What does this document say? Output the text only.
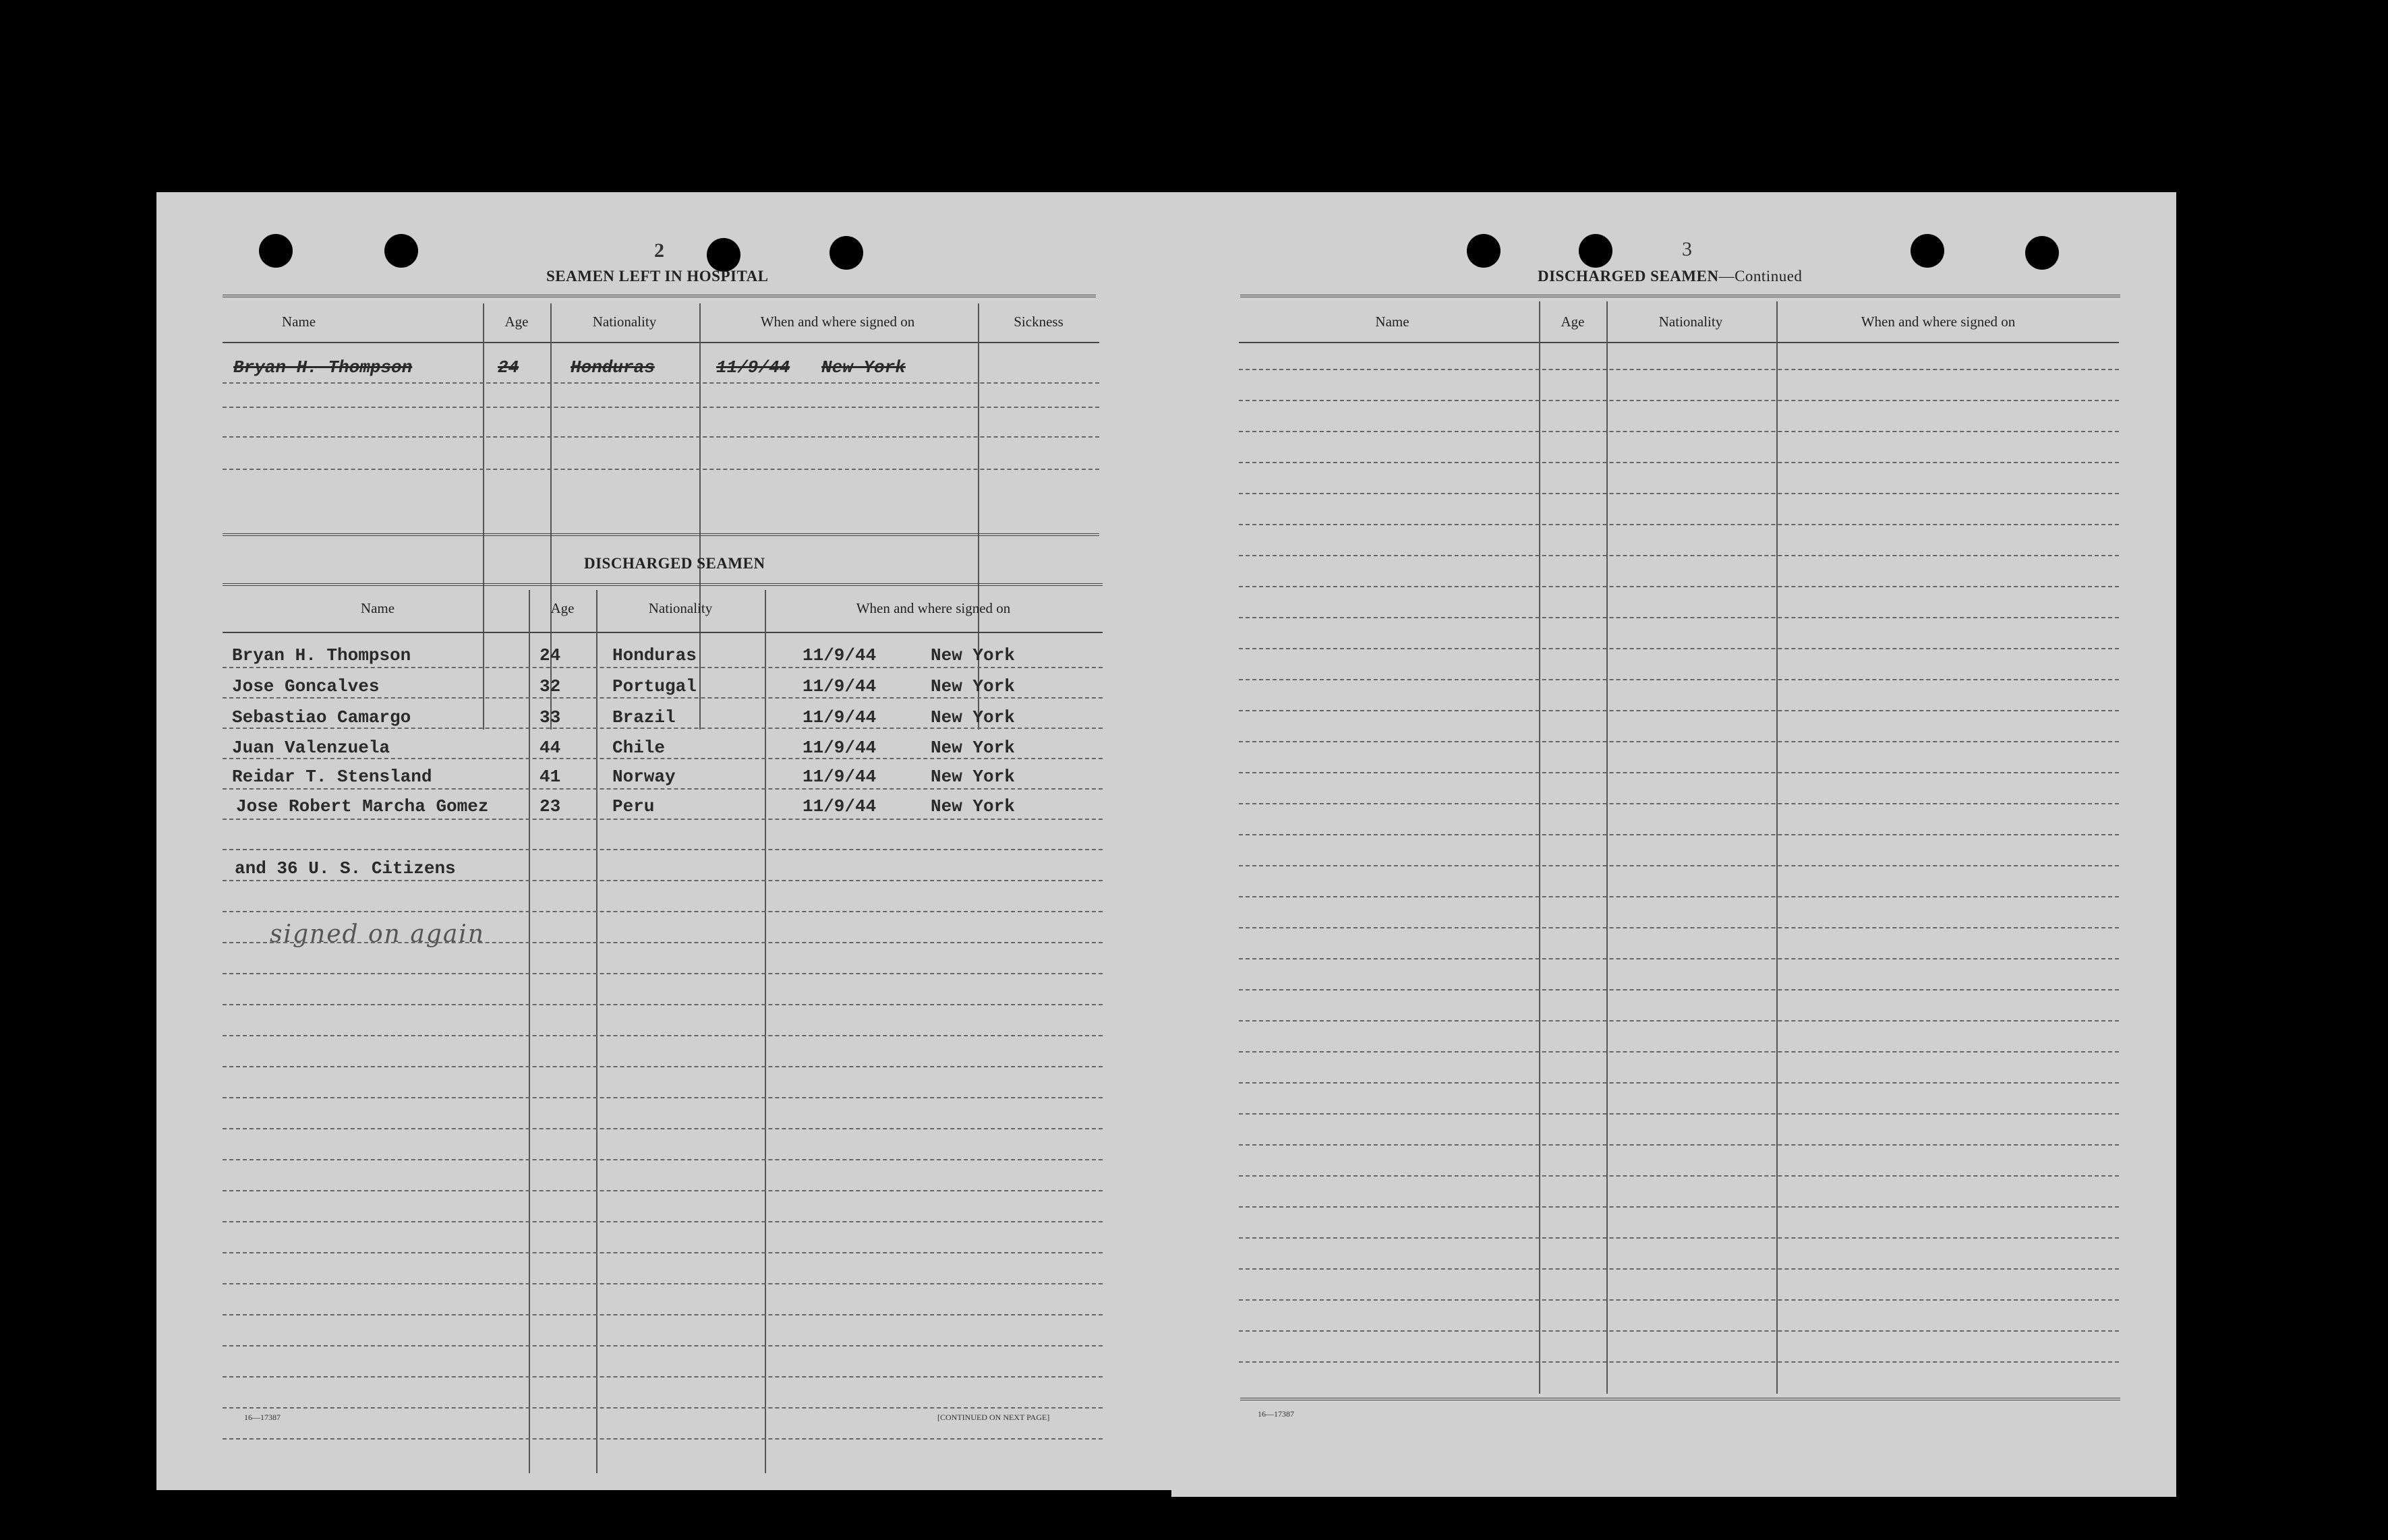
2
SEAMEN LEFT IN HOSPITAL
Name	Age	Nationality	When and where signed on	Sickness
Bryan H. Thompson	24	Honduras	11/9/44 New York
DISCHARGED SEAMEN
Name	Age	Nationality	When and where signed on
Bryan H. Thompson	24	Honduras	11/9/44	New York
Jose Goncalves	32	Portugal	11/9/44	New York
Sebastiao Camargo	33	Brazil	11/9/44	New York
Juan Valenzuela	44	Chile	11/9/44	New York
Reidar T. Stensland	41	Norway	11/9/44	New York
Jose Robert Marcha Gomez	23	Peru	11/9/44	New York
and 36 U. S. Citizens
signed on again
16—17387	[CONTINUED ON NEXT PAGE]
3
DISCHARGED SEAMEN—Continued
Name	Age	Nationality	When and where signed on
16—17387
